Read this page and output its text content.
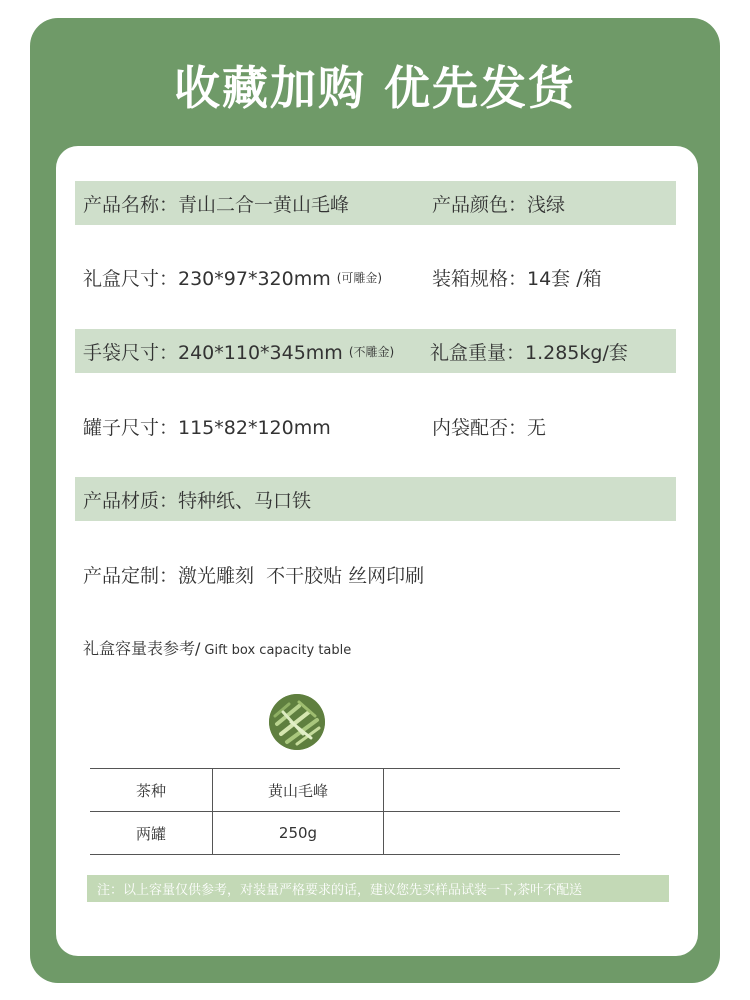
收藏加购 优先发货
产品名称：青山二合一黄山毛峰	产品颜色：浅绿
礼盒尺寸：230*97*320mm (可雕金)	装箱规格：14套 /箱
手袋尺寸：240*110*345mm (不雕金) 礼盒重量：1.285kg/套
罐子尺寸：115*82*120mm	内袋配否：无
产品材质：特种纸、马口铁
产品定制：激光雕刻  不干胶贴 丝网印刷
礼盒容量表参考/ Gift box capacity table
茶种	黄山毛峰	
两罐	250g	
注：以上容量仅供参考，对装量严格要求的话，建议您先买样品试装一下,茶叶不配送
